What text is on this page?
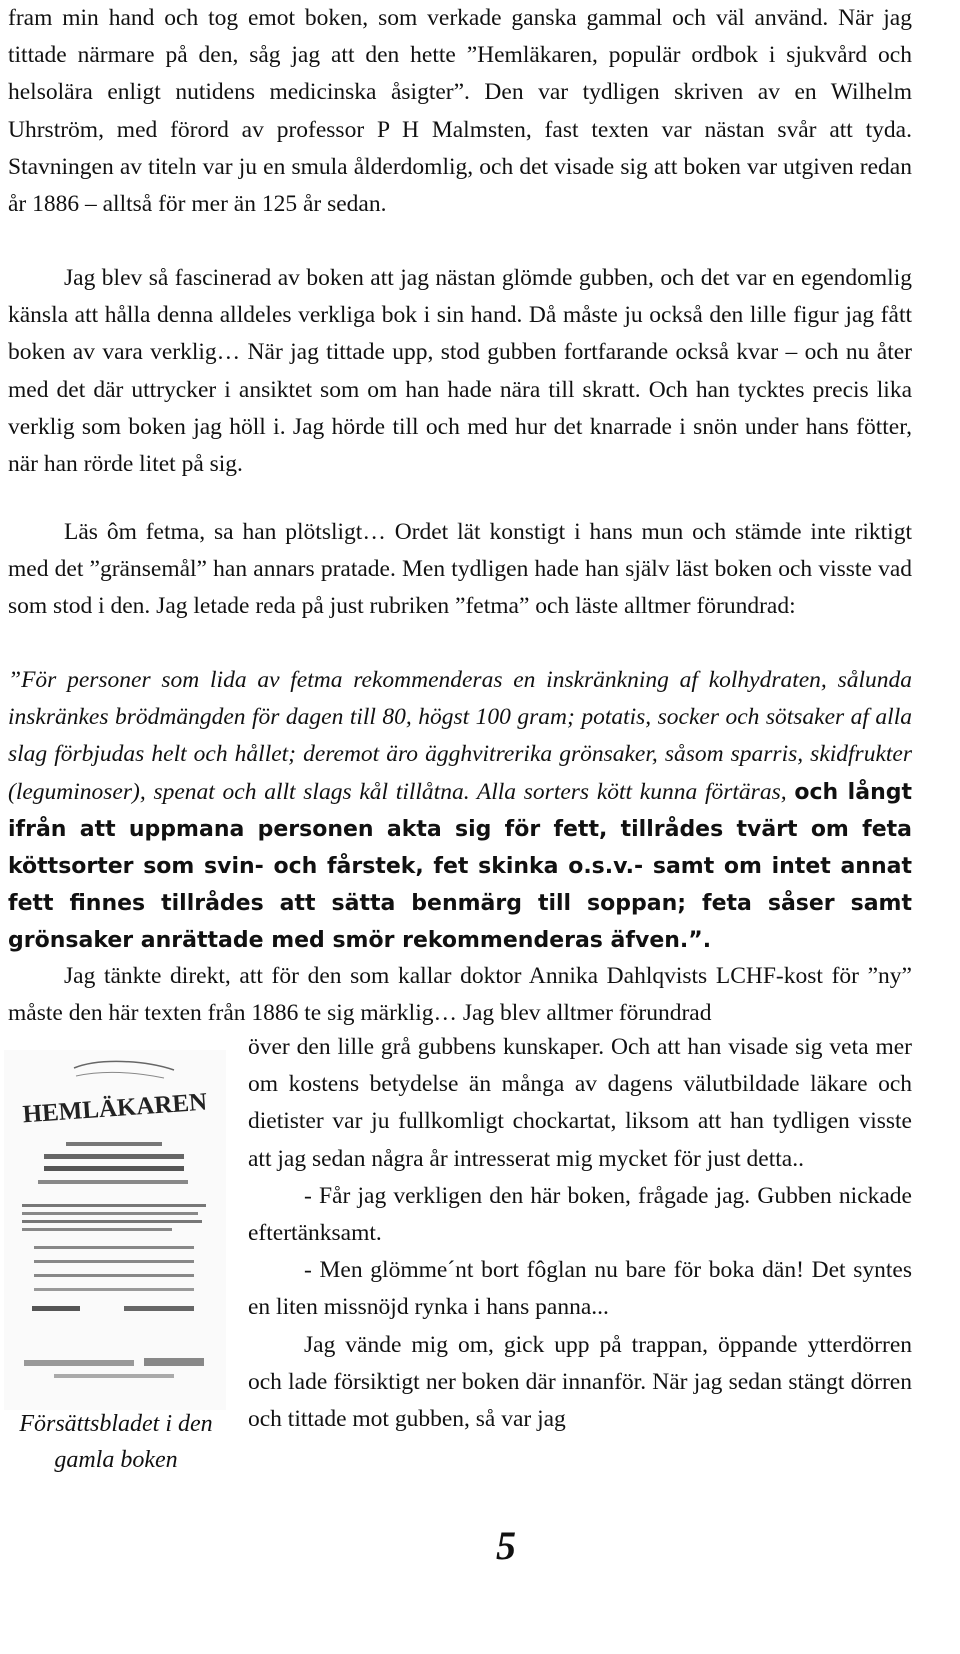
fram min hand och tog emot boken, som verkade ganska gammal och väl använd. När jag tittade närmare på den, såg jag att den hette ”Hemläkaren, populär ordbok i sjukvård och helsolära enligt nutidens medicinska åsigter”. Den var tydligen skriven av en Wilhelm Uhrström, med förord av professor P H Malmsten, fast texten var nästan svår att tyda. Stavningen av titeln var ju en smula ålderdomlig, och det visade sig att boken var utgiven redan år 1886 – alltså för mer än 125 år sedan.

Jag blev så fascinerad av boken att jag nästan glömde gubben, och det var en egendomlig känsla att hålla denna alldeles verkliga bok i sin hand. Då måste ju också den lille figur jag fått boken av vara verklig… När jag tittade upp, stod gubben fortfarande också kvar – och nu åter med det där uttrycker i ansiktet som om han hade nära till skratt. Och han tycktes precis lika verklig som boken jag höll i. Jag hörde till och med hur det knarrade i snön under hans fötter, när han rörde litet på sig.

Läs ôm fetma, sa han plötsligt… Ordet lät konstigt i hans mun och stämde inte riktigt med det ”gränsemål” han annars pratade. Men tydligen hade han själv läst boken och visste vad som stod i den. Jag letade reda på just rubriken ”fetma” och läste alltmer förundrad:

”För personer som lida av fetma rekommenderas en inskränkning af kolhydraten, sålunda inskränkes brödmängden för dagen till 80, högst 100 gram; potatis, socker och sötsaker af alla slag förbjudas helt och hållet; deremot äro ägghvitrerika grönsaker, såsom sparris, skidfrukter (leguminoser), spenat och allt slags kål tillåtna. Alla sorters kött kunna förtäras, och långt ifrån att uppmana personen akta sig för fett, tillrådes tvärt om feta köttsorter som svin- och fårstek, fet skinka o.s.v.- samt om intet annat fett finnes tillrådes att sätta benmärg till soppan; feta såser samt grönsaker anrättade med smör rekommenderas äfven.”.

Jag tänkte direkt, att för den som kallar doktor Annika Dahlqvists LCHF-kost för ”ny” måste den här texten från 1886 te sig märklig… Jag blev alltmer förundrad

över den lille grå gubbens kunskaper. Och att han visade sig veta mer om kostens betydelse än många av dagens välutbildade läkare och dietister var ju fullkomligt chockartat, liksom att han tydligen visste att jag sedan några år intresserat mig mycket för just detta..

- Får jag verkligen den här boken, frågade jag. Gubben nickade eftertänksamt.

- Men glömme´nt bort fôglan nu bare för boka dän! Det syntes en liten missnöjd rynka i hans panna...

Jag vände mig om, gick upp på trappan, öppande ytterdörren och lade försiktigt ner boken där innanför. När jag sedan stängt dörren och tittade mot gubben, så var jag

HEMLÄKAREN
Försättsbladet i den gamla boken
5
